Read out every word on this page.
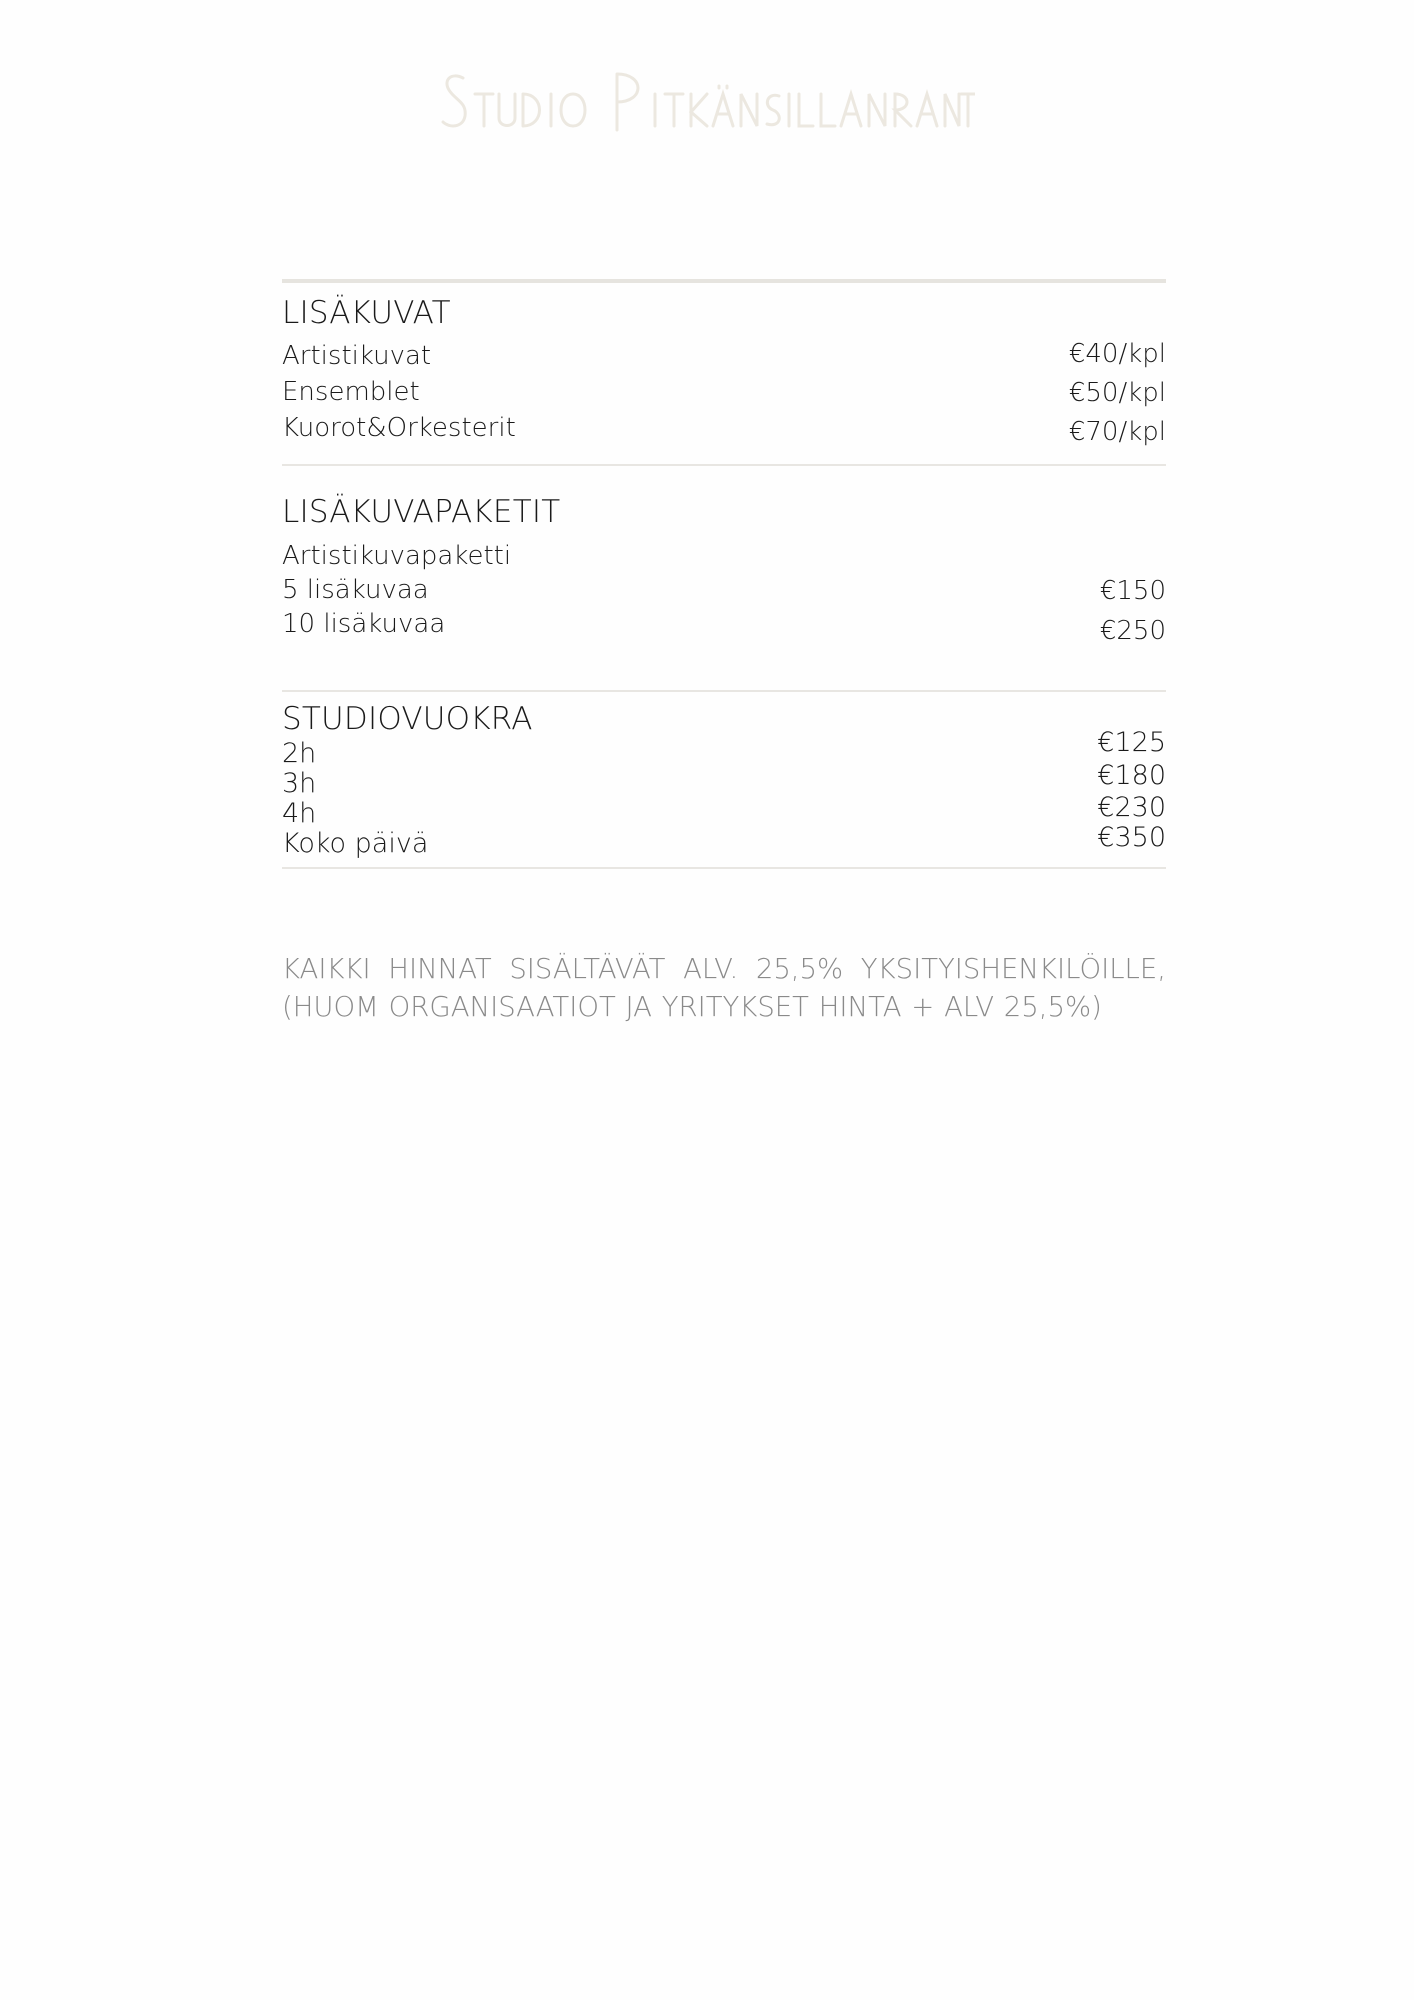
LISÄKUVAT
Artistikuvat	€40/kpl
Ensemblet	€50/kpl
Kuorot&Orkesterit	€70/kpl
LISÄKUVAPAKETIT
Artistikuvapaketti
5 lisäkuvaa	€150
10 lisäkuvaa	€250
STUDIOVUOKRA
2h	€125
3h	€180
4h	€230
Koko päivä	€350

KAIKKI HINNAT SISÄLTÄVÄT ALV. 25,5% YKSITYISHENKILÖILLE, (HUOM ORGANISAATIOT JA YRITYKSET HINTA + ALV 25,5%)
